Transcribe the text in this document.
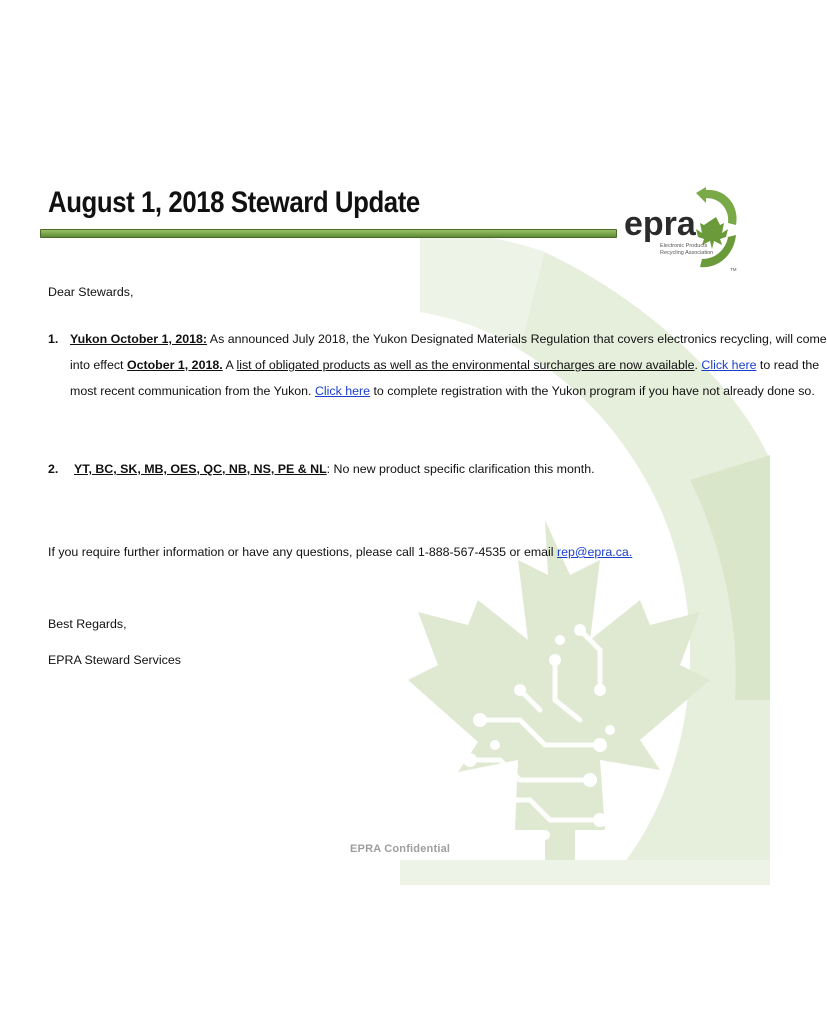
August 1, 2018 Steward Update
epra
Electronic Products
Recycling Association
TM
Dear Stewards,
1. Yukon October 1, 2018: As announced July 2018, the Yukon Designated Materials Regulation that covers electronics recycling, will come
into effect October 1, 2018. A list of obligated products as well as the environmental surcharges are now available. Click here to read the
most recent communication from the Yukon. Click here to complete registration with the Yukon program if you have not already done so.
2. YT, BC, SK, MB, OES, QC, NB, NS, PE & NL: No new product specific clarification this month.
If you require further information or have any questions, please call 1-888-567-4535 or email rep@epra.ca.
Best Regards,
EPRA Steward Services
EPRA Confidential
